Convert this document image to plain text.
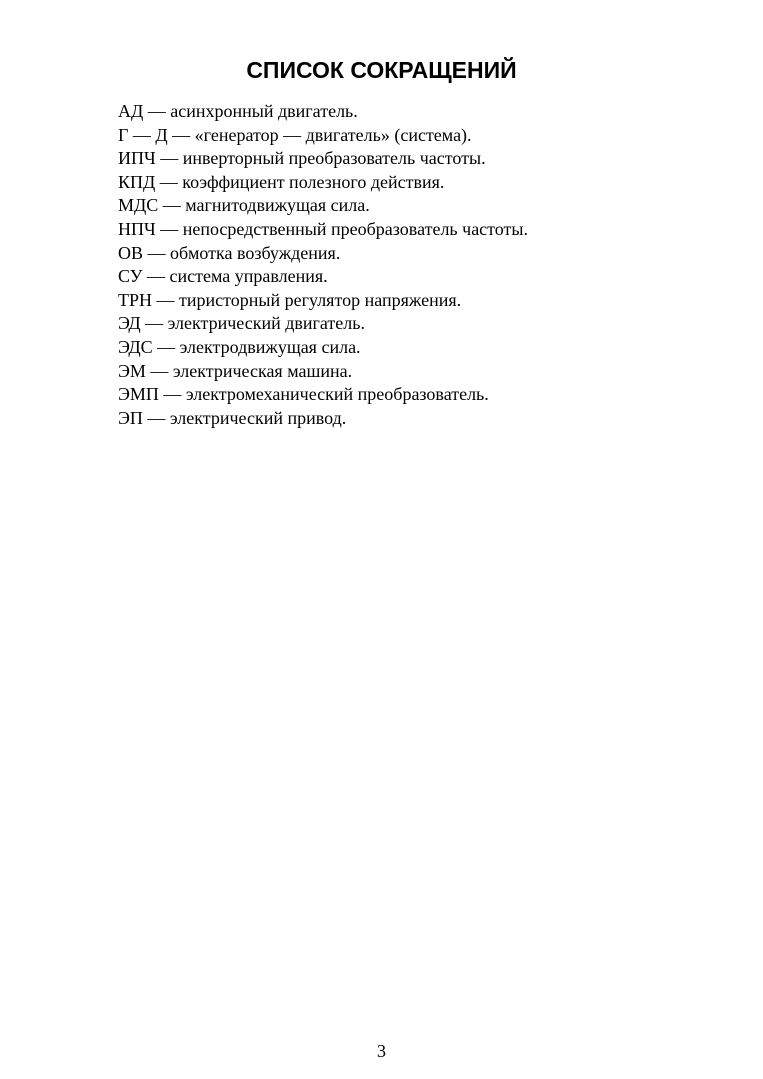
СПИСОК СОКРАЩЕНИЙ
АД — асинхронный двигатель.
Г — Д — «генератор — двигатель» (система).
ИПЧ — инверторный преобразователь частоты.
КПД — коэффициент полезного действия.
МДС — магнитодвижущая сила.
НПЧ — непосредственный преобразователь частоты.
ОВ — обмотка возбуждения.
СУ — система управления.
ТРН — тиристорный регулятор напряжения.
ЭД — электрический двигатель.
ЭДС — электродвижущая сила.
ЭМ — электрическая машина.
ЭМП — электромеханический преобразователь.
ЭП — электрический привод.
3
